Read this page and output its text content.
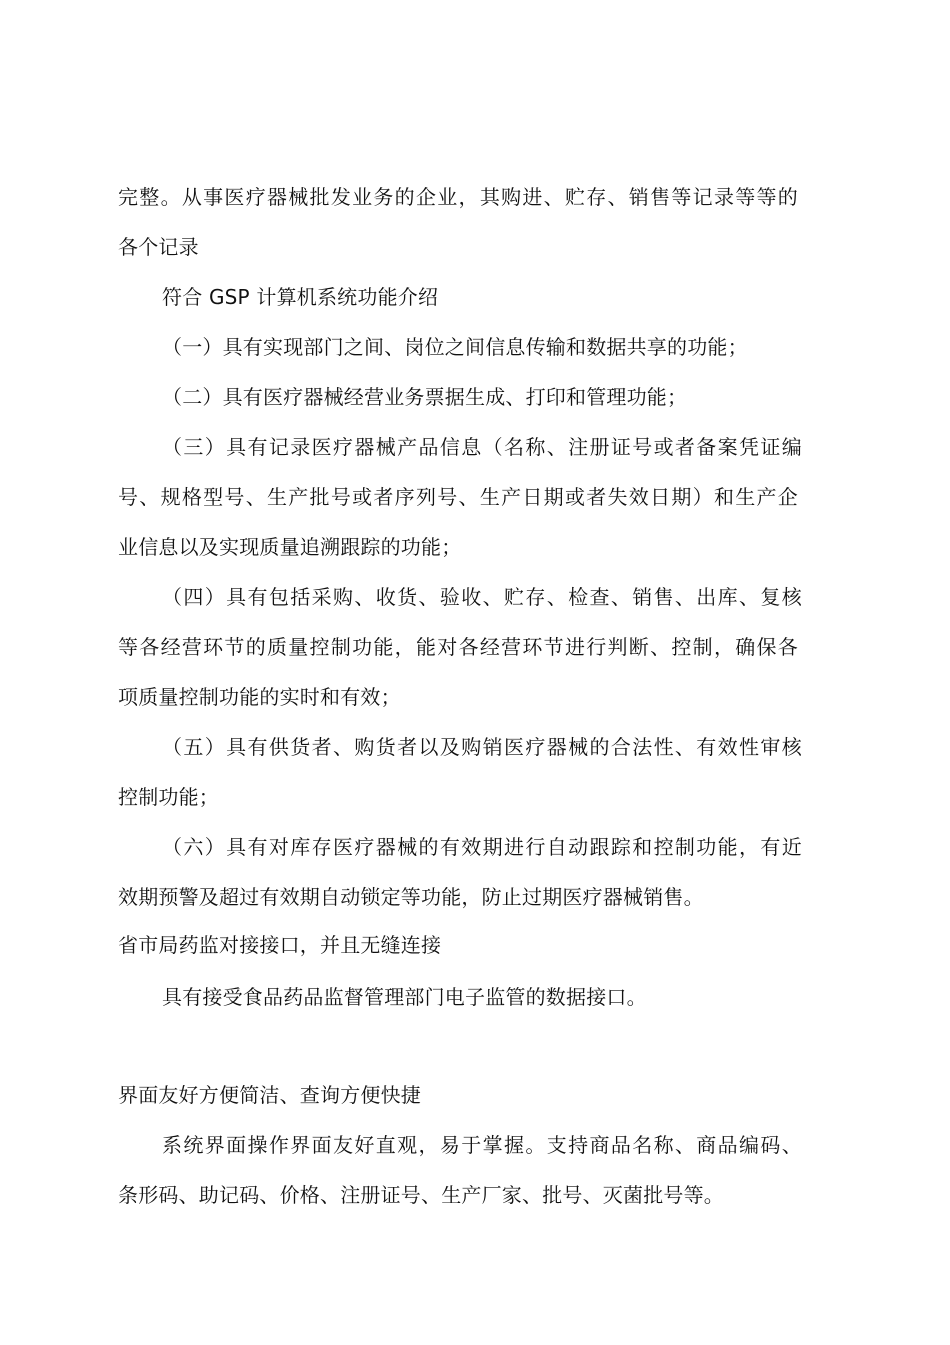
完整。从事医疗器械批发业务的企业，其购进、贮存、销售等记录等等的
各个记录
符合 GSP 计算机系统功能介绍
（一）具有实现部门之间、岗位之间信息传输和数据共享的功能；
（二）具有医疗器械经营业务票据生成、打印和管理功能；
（三）具有记录医疗器械产品信息（名称、注册证号或者备案凭证编
号、规格型号、生产批号或者序列号、生产日期或者失效日期）和生产企
业信息以及实现质量追溯跟踪的功能；
（四）具有包括采购、收货、验收、贮存、检查、销售、出库、复核
等各经营环节的质量控制功能，能对各经营环节进行判断、控制，确保各
项质量控制功能的实时和有效；
（五）具有供货者、购货者以及购销医疗器械的合法性、有效性审核
控制功能；
（六）具有对库存医疗器械的有效期进行自动跟踪和控制功能，有近
效期预警及超过有效期自动锁定等功能，防止过期医疗器械销售。
省市局药监对接接口，并且无缝连接
具有接受食品药品监督管理部门电子监管的数据接口。
界面友好方便简洁、查询方便快捷
系统界面操作界面友好直观，易于掌握。支持商品名称、商品编码、
条形码、助记码、价格、注册证号、生产厂家、批号、灭菌批号等。
